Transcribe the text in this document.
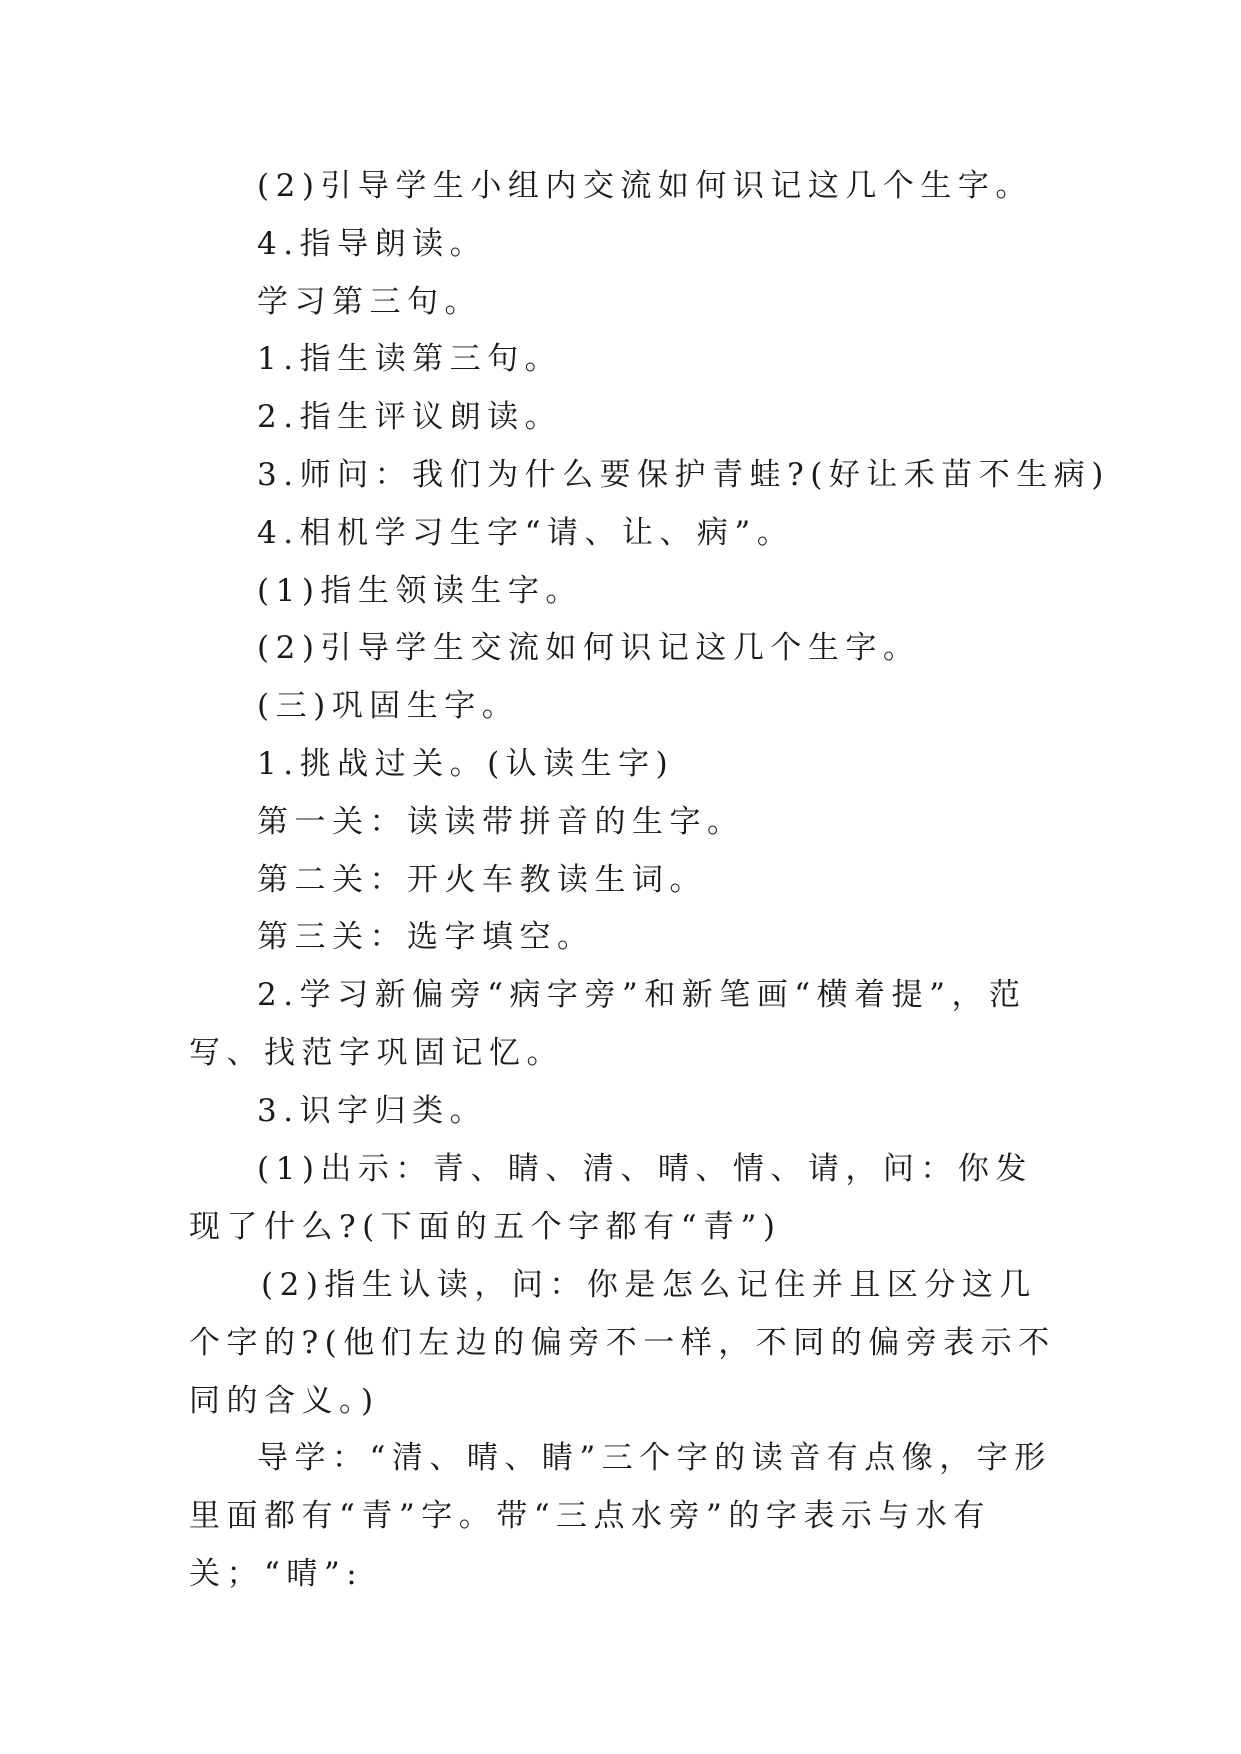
(2)引导学生小组内交流如何识记这几个生字。

4.指导朗读。

学习第三句。

1.指生读第三句。

2.指生评议朗读。

3.师问：我们为什么要保护青蛙?(好让禾苗不生病)

4.相机学习生字“请、让、病”。

(1)指生领读生字。

(2)引导学生交流如何识记这几个生字。

(三)巩固生字。

1.挑战过关。(认读生字)

第一关：读读带拼音的生字。

第二关：开火车教读生词。

第三关：选字填空。

2.学习新偏旁“病字旁”和新笔画“横着提”，范写、找范字巩固记忆。

3.识字归类。

(1)出示：青、睛、清、晴、情、请，问：你发现了什么?(下面的五个字都有“青”)

(2)指生认读，问：你是怎么记住并且区分这几个字的?(他们左边的偏旁不一样，不同的偏旁表示不同的含义。)

导学：“清、晴、睛”三个字的读音有点像，字形里面都有“青”字。带“三点水旁”的字表示与水有关；“晴”:
